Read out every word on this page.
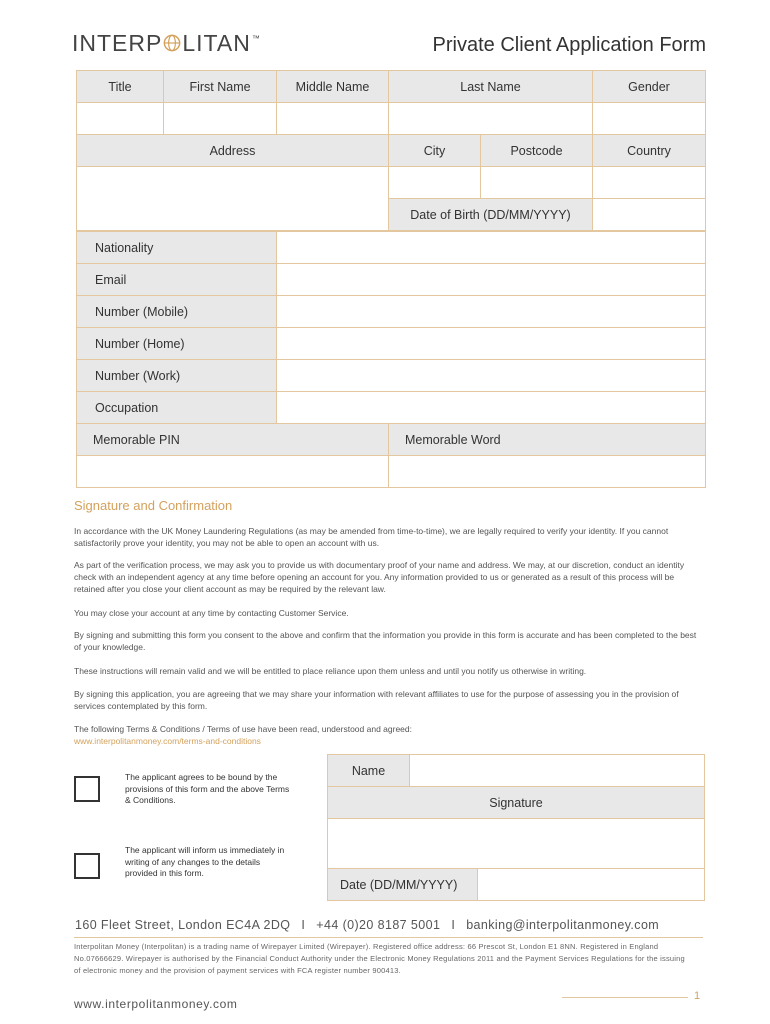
INTERP LITAN™	Private Client Application Form
Title	First Name	Middle Name	Last Name	Gender

Address	City	Postcode	Country

	Date of Birth (DD/MM/YYYY)		
Nationality	
Email	
Number (Mobile)	
Number (Home)	
Number (Work)	
Occupation	
Memorable PIN	Memorable Word

Signature and Confirmation
In accordance with the UK Money Laundering Regulations (as may be amended from time-to-time), we are legally required to verify your identity. If you cannot satisfactorily prove your identity, you may not be able to open an account with us.
As part of the verification process, we may ask you to provide us with documentary proof of your name and address. We may, at our discretion, conduct an identity check with an independent agency at any time before opening an account for you. Any information provided to us or generated as a result of this process will be retained after you close your client account as may be required by the relevant law.
You may close your account at any time by contacting Customer Service.
By signing and submitting this form you consent to the above and confirm that the information you provide in this form is accurate and has been completed to the best of your knowledge.
These instructions will remain valid and we will be entitled to place reliance upon them unless and until you notify us otherwise in writing.
By signing this application, you are agreeing that we may share your information with relevant affiliates to use for the purpose of assessing you in the provision of services contemplated by this form.
The following Terms & Conditions / Terms of use have been read, understood and agreed:
www.interpolitanmoney.com/terms-and-conditions
The applicant agrees to be bound by the provisions of this form and the above Terms & Conditions.
The applicant will inform us immediately in writing of any changes to the details provided in this form.
Name		
Signature		

Date (DD/MM/YYYY)		
160 Fleet Street, London EC4A 2DQ I +44 (0)20 8187 5001 I banking@interpolitanmoney.com
Interpolitan Money (Interpolitan) is a trading name of Wirepayer Limited (Wirepayer). Registered office address: 66 Prescot St, London E1 8NN. Registered in England No.07666629. Wirepayer is authorised by the Financial Conduct Authority under the Electronic Money Regulations 2011 and the Payment Services Regulations for the issuing of electronic money and the provision of payment services with FCA register number 900413.
www.interpolitanmoney.com
1
